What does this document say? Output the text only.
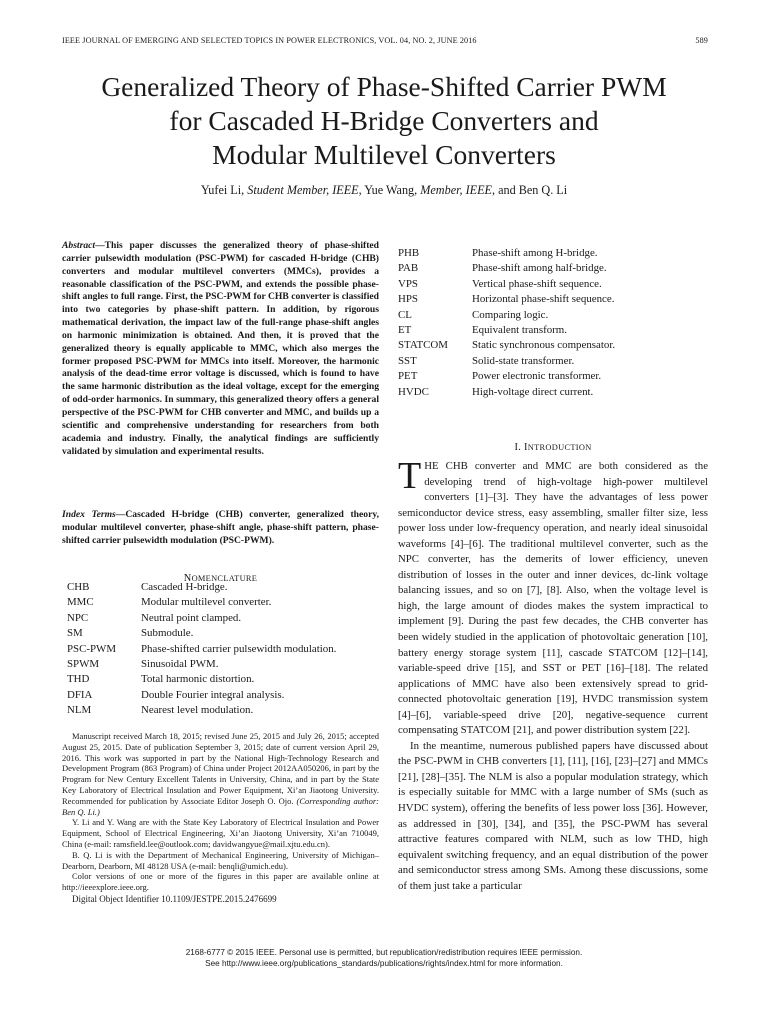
IEEE JOURNAL OF EMERGING AND SELECTED TOPICS IN POWER ELECTRONICS, VOL. 04, NO. 2, JUNE 2016	589
Generalized Theory of Phase-Shifted Carrier PWM
for Cascaded H-Bridge Converters and
Modular Multilevel Converters
Yufei Li, Student Member, IEEE, Yue Wang, Member, IEEE, and Ben Q. Li
Abstract—This paper discusses the generalized theory of phase-shifted carrier pulsewidth modulation (PSC-PWM) for cascaded H-bridge (CHB) converters and modular multilevel converters (MMCs), provides a reasonable classification of the PSC-PWM, and extends the possible phase-shift angles to full range. First, the PSC-PWM for CHB converter is classified into two categories by phase-shift pattern. In addition, by rigorous mathematical derivation, the impact law of the full-range phase-shift angles on harmonic minimization is obtained. And then, it is proved that the generalized theory is equally applicable to MMC, which also merges the former proposed PSC-PWM for MMCs into itself. Moreover, the harmonic analysis of the dead-time error voltage is discussed, which is found to have the same harmonic distribution as the ideal voltage, except for the emerging of odd-order harmonics. In summary, this generalized theory offers a general perspective of the PSC-PWM for CHB converter and MMC, and builds up a scientific and comprehensive understanding for researchers from both academia and industry. Finally, the analytical findings are sufficiently validated by simulation and experimental results.
Index Terms—Cascaded H-bridge (CHB) converter, generalized theory, modular multilevel converter, phase-shift angle, phase-shift pattern, phase-shifted carrier pulsewidth modulation (PSC-PWM).
NOMENCLATURE
CHB	Cascaded H-bridge.
MMC	Modular multilevel converter.
NPC	Neutral point clamped.
SM	Submodule.
PSC-PWM Phase-shifted carrier pulsewidth modulation.
SPWM	Sinusoidal PWM.
THD	Total harmonic distortion.
DFIA	Double Fourier integral analysis.
NLM	Nearest level modulation.

Manuscript received March 18, 2015; revised June 25, 2015 and July 26, 2015; accepted August 25, 2015. Date of publication September 3, 2015; date of current version April 29, 2016. This work was supported in part by the National High-Technology Research and Development Program (863 Program) of China under Project 2012AA050206, in part by the Program for New Century Excellent Talents in University, China, and in part by the State Key Laboratory of Electrical Insulation and Power Equipment, Xi’an Jiaotong University. Recommended for publication by Associate Editor Joseph O. Ojo. (Corresponding author: Ben Q. Li.)

Y. Li and Y. Wang are with the State Key Laboratory of Electrical Insulation and Power Equipment, School of Electrical Engineering, Xi’an Jiaotong University, Xi’an 710049, China (e-mail: ramsfield.lee@outlook.com; davidwangyue@mail.xjtu.edu.cn).

B. Q. Li is with the Department of Mechanical Engineering, University of Michigan–Dearborn, Dearborn, MI 48128 USA (e-mail: benqli@umich.edu).

Color versions of one or more of the figures in this paper are available online at http://ieeexplore.ieee.org.

Digital Object Identifier 10.1109/JESTPE.2015.2476699

PHB	Phase-shift among H-bridge.
PAB	Phase-shift among half-bridge.
VPS	Vertical phase-shift sequence.
HPS	Horizontal phase-shift sequence.
CL	Comparing logic.
ET	Equivalent transform.
STATCOM Static synchronous compensator.
SST	Solid-state transformer.
PET	Power electronic transformer.
HVDC	High-voltage direct current.
I. INTRODUCTION

THE CHB converter and MMC are both considered as the developing trend of high-voltage high-power multilevel converters [1]–[3]. They have the advantages of less power semiconductor device stress, easy assembling, smaller filter size, less power loss under low-frequency operation, and nearly ideal sinusoidal waveforms [4]–[6]. The traditional multilevel converter, such as the NPC converter, has the demerits of lower efficiency, uneven distribution of losses in the outer and inner devices, dc-link voltage balancing issues, and so on [7], [8]. Also, when the voltage level is high, the large amount of diodes makes the system impractical to implement [9]. During the past few decades, the CHB converter has been widely studied in the application of photovoltaic generation [10], battery energy storage system [11], cascade STATCOM [12]–[14], variable-speed drive [15], and SST or PET [16]–[18]. The related applications of MMC have also been extensively spread to grid-connected photovoltaic generation [19], HVDC transmission system [4]–[6], variable-speed drive [20], negative-sequence current compensating STATCOM [21], and power distribution system [22].

In the meantime, numerous published papers have discussed about the PSC-PWM in CHB converters [1], [11], [16], [23]–[27] and MMCs [21], [28]–[35]. The NLM is also a popular modulation strategy, which is especially suitable for MMC with a large number of SMs (such as HVDC system), offering the benefits of less power loss [36]. However, as addressed in [30], [34], and [35], the PSC-PWM has several attractive features compared with NLM, such as low THD, high equivalent switching frequency, and an equal distribution of the power and semiconductor stress among SMs. Among these discussions, some of them just take a particular

2168-6777 © 2015 IEEE. Personal use is permitted, but republication/redistribution requires IEEE permission.
See http://www.ieee.org/publications_standards/publications/rights/index.html for more information.
